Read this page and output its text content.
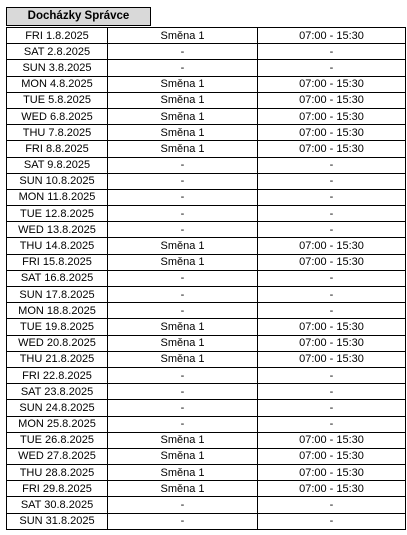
Docházky Správce
FRI 1.8.2025	Směna 1	07:00 - 15:30
SAT 2.8.2025	-	-
SUN 3.8.2025	-	-
MON 4.8.2025	Směna 1	07:00 - 15:30
TUE 5.8.2025	Směna 1	07:00 - 15:30
WED 6.8.2025	Směna 1	07:00 - 15:30
THU 7.8.2025	Směna 1	07:00 - 15:30
FRI 8.8.2025	Směna 1	07:00 - 15:30
SAT 9.8.2025	-	-
SUN 10.8.2025	-	-
MON 11.8.2025	-	-
TUE 12.8.2025	-	-
WED 13.8.2025	-	-
THU 14.8.2025	Směna 1	07:00 - 15:30
FRI 15.8.2025	Směna 1	07:00 - 15:30
SAT 16.8.2025	-	-
SUN 17.8.2025	-	-
MON 18.8.2025	-	-
TUE 19.8.2025	Směna 1	07:00 - 15:30
WED 20.8.2025	Směna 1	07:00 - 15:30
THU 21.8.2025	Směna 1	07:00 - 15:30
FRI 22.8.2025	-	-
SAT 23.8.2025	-	-
SUN 24.8.2025	-	-
MON 25.8.2025	-	-
TUE 26.8.2025	Směna 1	07:00 - 15:30
WED 27.8.2025	Směna 1	07:00 - 15:30
THU 28.8.2025	Směna 1	07:00 - 15:30
FRI 29.8.2025	Směna 1	07:00 - 15:30
SAT 30.8.2025	-	-
SUN 31.8.2025	-	-
